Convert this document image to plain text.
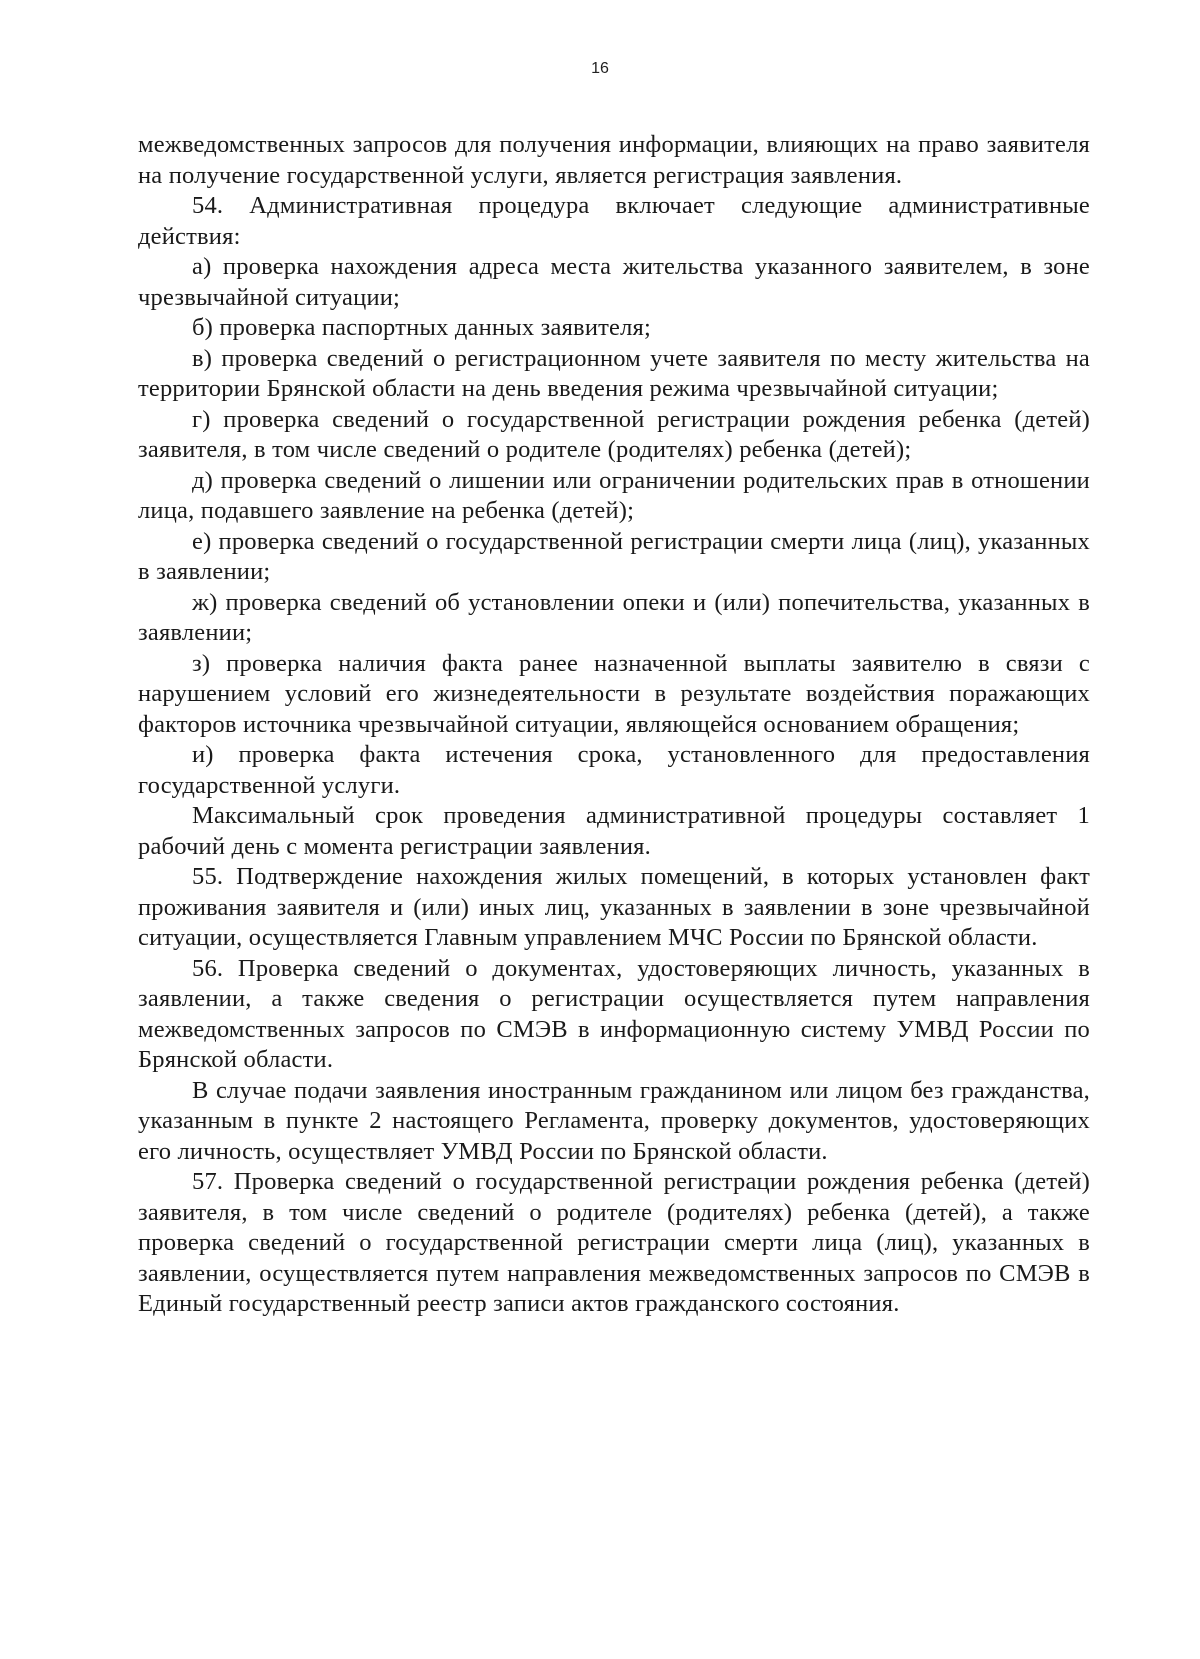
16

межведомственных запросов для получения информации, влияющих на право заявителя на получение государственной услуги, является регистрация заявления.

54. Административная процедура включает следующие административные действия:

а) проверка нахождения адреса места жительства указанного заявителем, в зоне чрезвычайной ситуации;

б) проверка паспортных данных заявителя;

в) проверка сведений о регистрационном учете заявителя по месту жительства на территории Брянской области на день введения режима чрезвычайной ситуации;

г) проверка сведений о государственной регистрации рождения ребенка (детей) заявителя, в том числе сведений о родителе (родителях) ребенка (детей);

д) проверка сведений о лишении или ограничении родительских прав в отношении лица, подавшего заявление на ребенка (детей);

е) проверка сведений о государственной регистрации смерти лица (лиц), указанных в заявлении;

ж) проверка сведений об установлении опеки и (или) попечительства, указанных в заявлении;

з) проверка наличия факта ранее назначенной выплаты заявителю в связи с нарушением условий его жизнедеятельности в результате воздействия поражающих факторов источника чрезвычайной ситуации, являющейся основанием обращения;

и) проверка факта истечения срока, установленного для предоставления государственной услуги.

Максимальный срок проведения административной процедуры составляет 1 рабочий день с момента регистрации заявления.

55. Подтверждение нахождения жилых помещений, в которых установлен факт проживания заявителя и (или) иных лиц, указанных в заявлении в зоне чрезвычайной ситуации, осуществляется Главным управлением МЧС России по Брянской области.

56. Проверка сведений о документах, удостоверяющих личность, указанных в заявлении, а также сведения о регистрации осуществляется путем направления межведомственных запросов по СМЭВ в информационную систему УМВД России по Брянской области.

В случае подачи заявления иностранным гражданином или лицом без гражданства, указанным в пункте 2 настоящего Регламента, проверку документов, удостоверяющих его личность, осуществляет УМВД России по Брянской области.

57. Проверка сведений о государственной регистрации рождения ребенка (детей) заявителя, в том числе сведений о родителе (родителях) ребенка (детей), а также проверка сведений о государственной регистрации смерти лица (лиц), указанных в заявлении, осуществляется путем направления межведомственных запросов по СМЭВ в Единый государственный реестр записи актов гражданского состояния.
